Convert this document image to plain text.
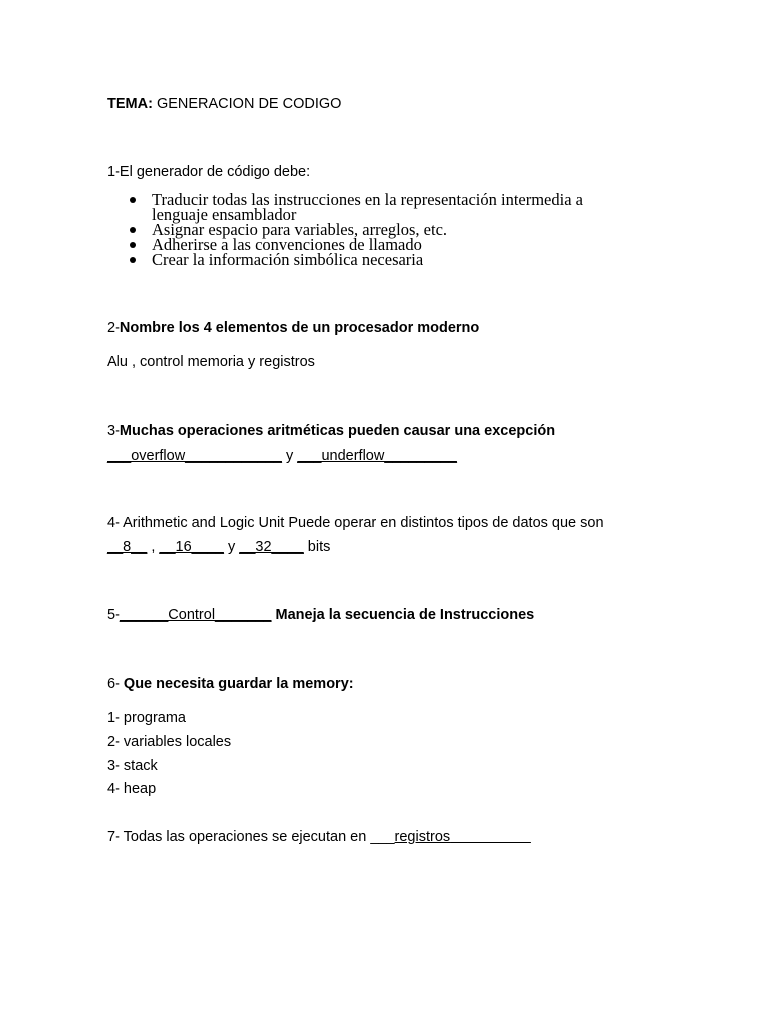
TEMA: GENERACION DE CODIGO
1-El generador de código debe:
Traducir todas las instrucciones en la representación intermedia a lenguaje ensamblador
Asignar espacio para variables, arreglos, etc.
Adherirse a las convenciones de llamado
Crear la información simbólica necesaria
2-Nombre los 4 elementos de un procesador moderno
Alu , control memoria y registros
3-Muchas operaciones aritméticas pueden causar una excepción
___overflow____________ y ___underflow_________
4- Arithmetic and Logic Unit Puede operar en distintos tipos de datos que son
__8__ , __16____ y __32____ bits
5-______Control_______ Maneja la secuencia de Instrucciones
6- Que necesita guardar la memory:
1- programa
2- variables locales
3- stack
4- heap
7- Todas las operaciones se ejecutan en ___registros__________
